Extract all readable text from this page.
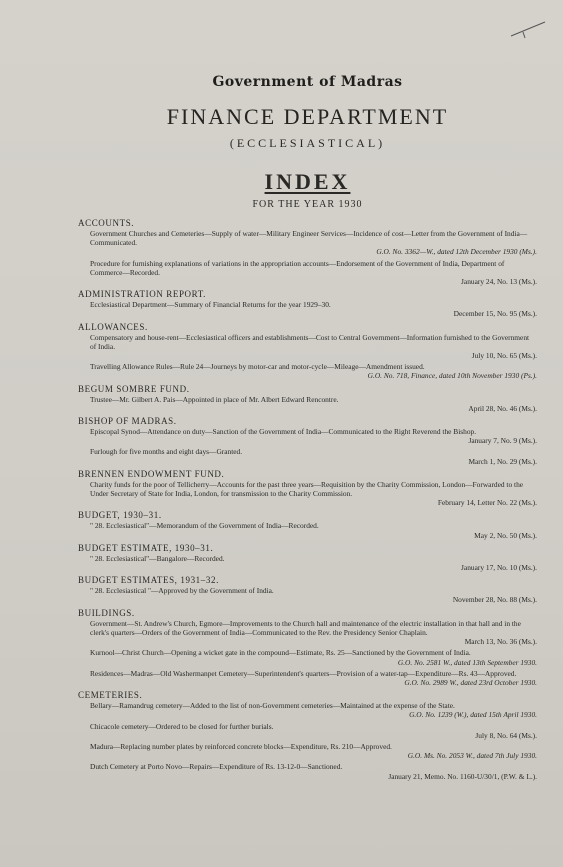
Government of Madras
FINANCE DEPARTMENT
(ECCLESIASTICAL)
INDEX
FOR THE YEAR 1930
ACCOUNTS.
Government Churches and Cemeteries—Supply of water—Military Engineer Services—Incidence of cost—Letter from the Government of India—Communicated.
G.O. No. 3362—W., dated 12th December 1930 (Ms.).
Procedure for furnishing explanations of variations in the appropriation accounts—Endorsement of the Government of India, Department of Commerce—Recorded.
January 24, No. 13 (Ms.).
ADMINISTRATION REPORT.
Ecclesiastical Department—Summary of Financial Returns for the year 1929–30.
December 15, No. 95 (Ms.).
ALLOWANCES.
Compensatory and house-rent—Ecclesiastical officers and establishments—Cost to Central Government—Information furnished to the Government of India.
July 10, No. 65 (Ms.).
Travelling Allowance Rules—Rule 24—Journeys by motor-car and motor-cycle—Mileage—Amendment issued.
G.O. No. 718, Finance, dated 10th November 1930 (Ps.).
BEGUM SOMBRE FUND.
Trustee—Mr. Gilbert A. Pais—Appointed in place of Mr. Albert Edward Rencontre.
April 28, No. 46 (Ms.).
BISHOP OF MADRAS.
Episcopal Synod—Attendance on duty—Sanction of the Government of India—Communicated to the Right Reverend the Bishop.
January 7, No. 9 (Ms.).
Furlough for five months and eight days—Granted.
March 1, No. 29 (Ms.).
BRENNEN ENDOWMENT FUND.
Charity funds for the poor of Tellicherry—Accounts for the past three years—Requisition by the Charity Commission, London—Forwarded to the Under Secretary of State for India, London, for transmission to the Charity Commission.
February 14, Letter No. 22 (Ms.).
BUDGET, 1930–31.
" 28. Ecclesiastical"—Memorandum of the Government of India—Recorded.
May 2, No. 50 (Ms.).
BUDGET ESTIMATE, 1930–31.
" 28. Ecclesiastical"—Bangalore—Recorded.
January 17, No. 10 (Ms.).
BUDGET ESTIMATES, 1931–32.
" 28. Ecclesiastical "—Approved by the Government of India.
November 28, No. 88 (Ms.).
BUILDINGS.
Government—St. Andrew's Church, Egmore—Improvements to the Church hall and maintenance of the electric installation in that hall and in the clerk's quarters—Orders of the Government of India—Communicated to the Rev. the Presidency Senior Chaplain.
March 13, No. 36 (Ms.).
Kurnool—Christ Church—Opening a wicket gate in the compound—Estimate, Rs. 25—Sanctioned by the Government of India.
G.O. No. 2581 W., dated 13th September 1930.
Residences—Madras—Old Washermanpet Cemetery—Superintendent's quarters—Provision of a water-tap—Expenditure—Rs. 43—Approved.
G.O. No. 2989 W., dated 23rd October 1930.
CEMETERIES.
Bellary—Ramandrug cemetery—Added to the list of non-Government cemeteries—Maintained at the expense of the State.
G.O. No. 1239 (W.), dated 15th April 1930.
Chicacole cemetery—Ordered to be closed for further burials.
July 8, No. 64 (Ms.).
Madura—Replacing number plates by reinforced concrete blocks—Expenditure, Rs. 210—Approved.
G.O. Ms. No. 2053 W., dated 7th July 1930.
Dutch Cemetery at Porto Novo—Repairs—Expenditure of Rs. 13-12-0—Sanctioned.
January 21, Memo. No. 1160-U/30/1, (P.W. & L.).
